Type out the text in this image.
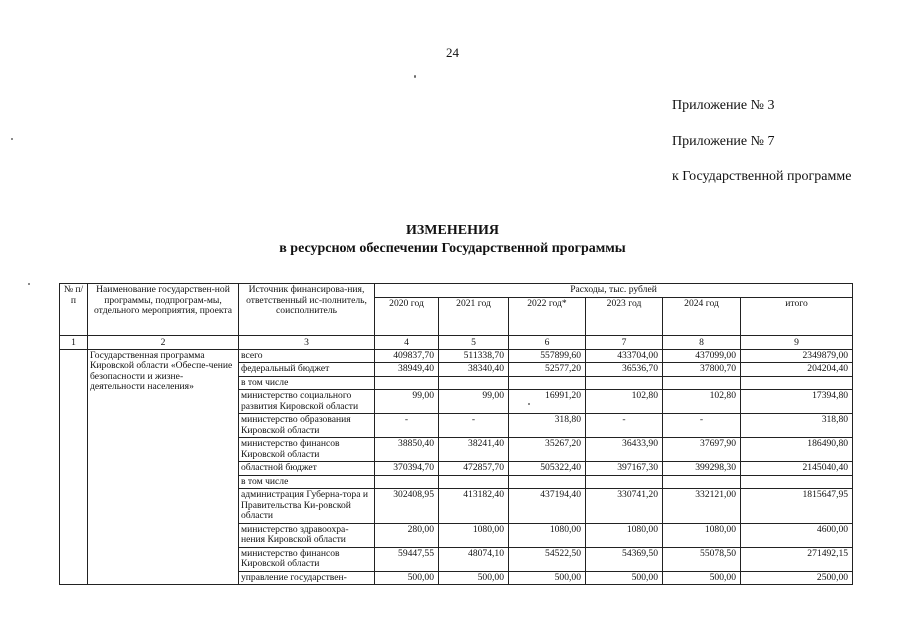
24
Приложение № 3
Приложение № 7
к Государственной программе
ИЗМЕНЕНИЯ
в ресурсном обеспечении Государственной программы
№ п/п	Наименование государствен-ной программы, подпрограм-мы, отдельного мероприятия, проекта	Источник финансирова-ния, ответственный ис-полнитель, соисполнитель	Расходы, тыс. рублей					
			2020 год	2021 год	2022 год*	2023 год	2024 год	итого
1	2	3	4	5	6	7	8	9
	Государственная программа Кировской области «Обеспе-чение безопасности и жизне-деятельности населения»	всего	409837,70	511338,70	557899,60	433704,00	437099,00	2349879,00
		федеральный бюджет	38949,40	38340,40	52577,20	36536,70	37800,70	204204,40
		в том числе						
		министерство социального развития Кировской области	99,00	99,00	16991,20	102,80	102,80	17394,80
		министерство образования Кировской области	-	-	318,80	-	-	318,80
		министерство финансов Кировской области	38850,40	38241,40	35267,20	36433,90	37697,90	186490,80
		областной бюджет	370394,70	472857,70	505322,40	397167,30	399298,30	2145040,40
		в том числе						
		администрация Губерна-тора и Правительства Ки-ровской области	302408,95	413182,40	437194,40	330741,20	332121,00	1815647,95
		министерство здравоохра-нения Кировской области	280,00	1080,00	1080,00	1080,00	1080,00	4600,00
		министерство финансов Кировской области	59447,55	48074,10	54522,50	54369,50	55078,50	271492,15
		управление государствен-	500,00	500,00	500,00	500,00	500,00	2500,00
